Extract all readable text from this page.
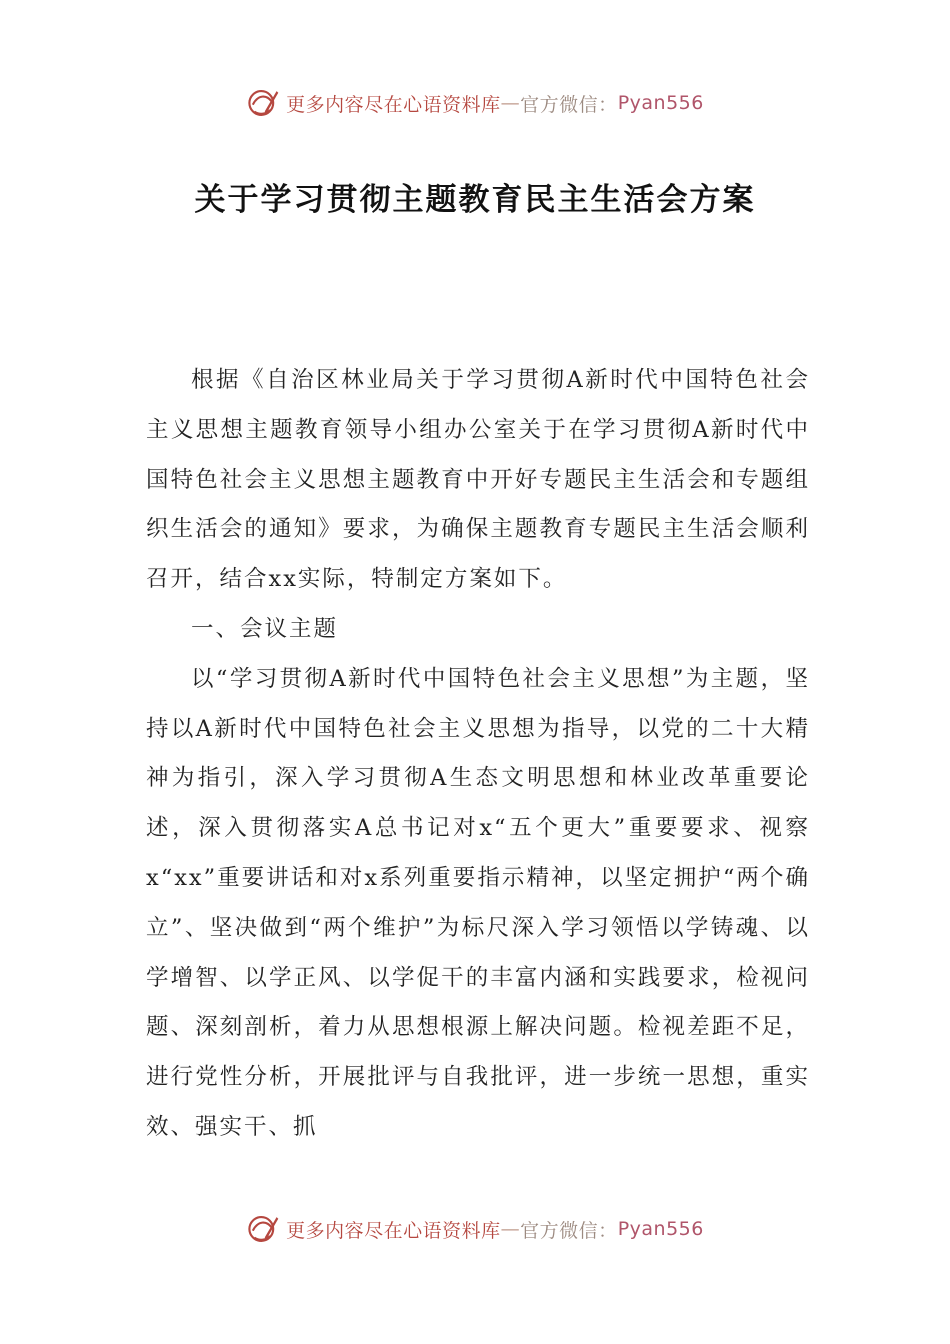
更多内容尽在心语资料库 — 官方微信： Pyan556
关于学习贯彻主题教育民主生活会方案

根据《自治区林业局关于学习贯彻A新时代中国特色社会主义思想主题教育领导小组办公室关于在学习贯彻A新时代中国特色社会主义思想主题教育中开好专题民主生活会和专题组织生活会的通知》要求，为确保主题教育专题民主生活会顺利召开，结合xx实际，特制定方案如下。

一、会议主题

以“学习贯彻A新时代中国特色社会主义思想”为主题，坚持以A新时代中国特色社会主义思想为指导，以党的二十大精神为指引，深入学习贯彻A生态文明思想和林业改革重要论述，深入贯彻落实A总书记对x“五个更大”重要要求、视察x“xx”重要讲话和对x系列重要指示精神，以坚定拥护“两个确立”、坚决做到“两个维护”为标尺深入学习领悟以学铸魂、以学增智、以学正风、以学促干的丰富内涵和实践要求，检视问题、深刻剖析，着力从思想根源上解决问题。检视差距不足，进行党性分析，开展批评与自我批评，进一步统一思想，重实效、强实干、抓

更多内容尽在心语资料库 — 官方微信： Pyan556
